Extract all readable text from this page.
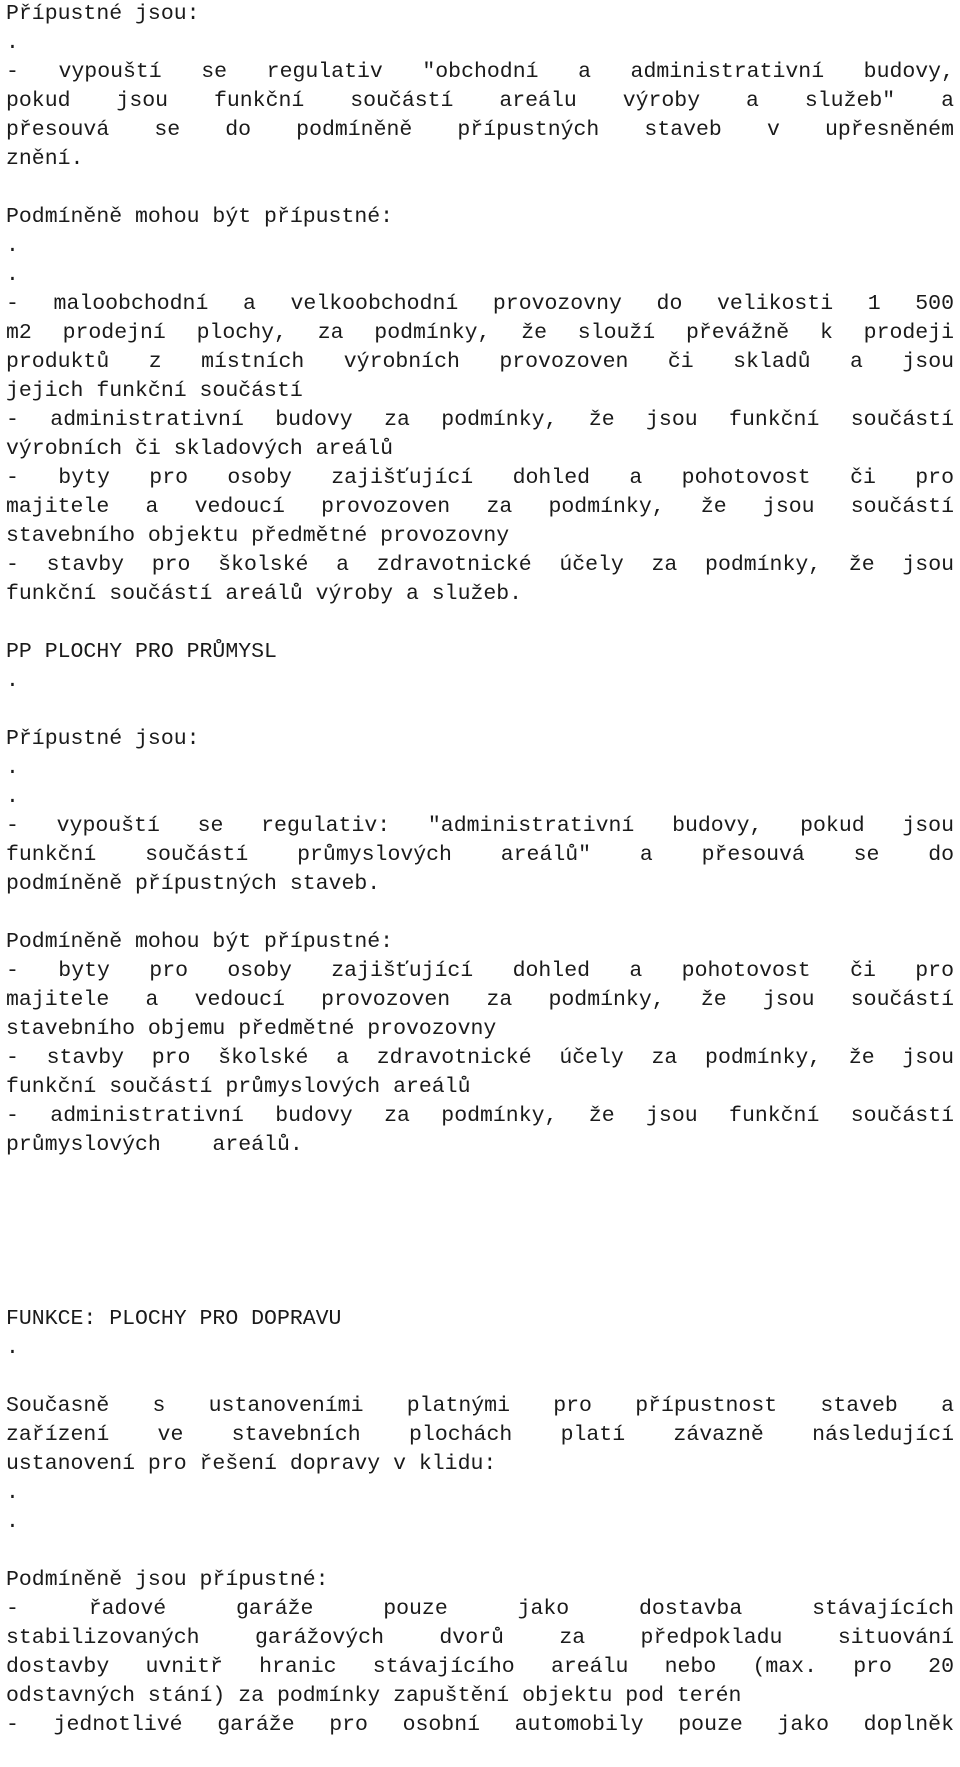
Přípustné jsou:
.
- vypouští se regulativ "obchodní a administrativní budovy,
pokud jsou funkční součástí areálu výroby a služeb" a
přesouvá se do podmíněně přípustných staveb v upřesněném
znění.
Podmíněně mohou být přípustné:
.
.
- maloobchodní a velkoobchodní provozovny do velikosti 1 500
m2 prodejní plochy, za podmínky, že slouží převážně k prodeji
produktů z místních výrobních provozoven či skladů a jsou
jejich funkční součástí
- administrativní budovy za podmínky, že jsou funkční součástí
výrobních či skladových areálů
- byty pro osoby zajišťující dohled a pohotovost či pro
majitele a vedoucí provozoven za podmínky, že jsou součástí
stavebního objektu předmětné provozovny
- stavby pro školské a zdravotnické účely za podmínky, že jsou
funkční součástí areálů výroby a služeb.
PP PLOCHY PRO PRŮMYSL
.
Přípustné jsou:
.
.
- vypouští se regulativ: "administrativní budovy, pokud jsou
funkční součástí průmyslových areálů" a přesouvá se do
podmíněně přípustných staveb.
Podmíněně mohou být přípustné:
- byty pro osoby zajišťující dohled a pohotovost či pro
majitele a vedoucí provozoven za podmínky, že jsou součástí
stavebního objemu předmětné provozovny
- stavby pro školské a zdravotnické účely za podmínky, že jsou
funkční součástí průmyslových areálů
- administrativní budovy za podmínky, že jsou funkční součástí
průmyslových    areálů.
FUNKCE: PLOCHY PRO DOPRAVU
.
Současně s ustanoveními platnými pro přípustnost staveb a
zařízení ve stavebních plochách platí závazně následující
ustanovení pro řešení dopravy v klidu:
.
.
Podmíněně jsou přípustné:
- řadové garáže pouze jako dostavba stávajících
stabilizovaných garážových dvorů za předpokladu situování
dostavby uvnitř hranic stávajícího areálu nebo (max. pro 20
odstavných stání) za podmínky zapuštění objektu pod terén
- jednotlivé garáže pro osobní automobily pouze jako doplněk
